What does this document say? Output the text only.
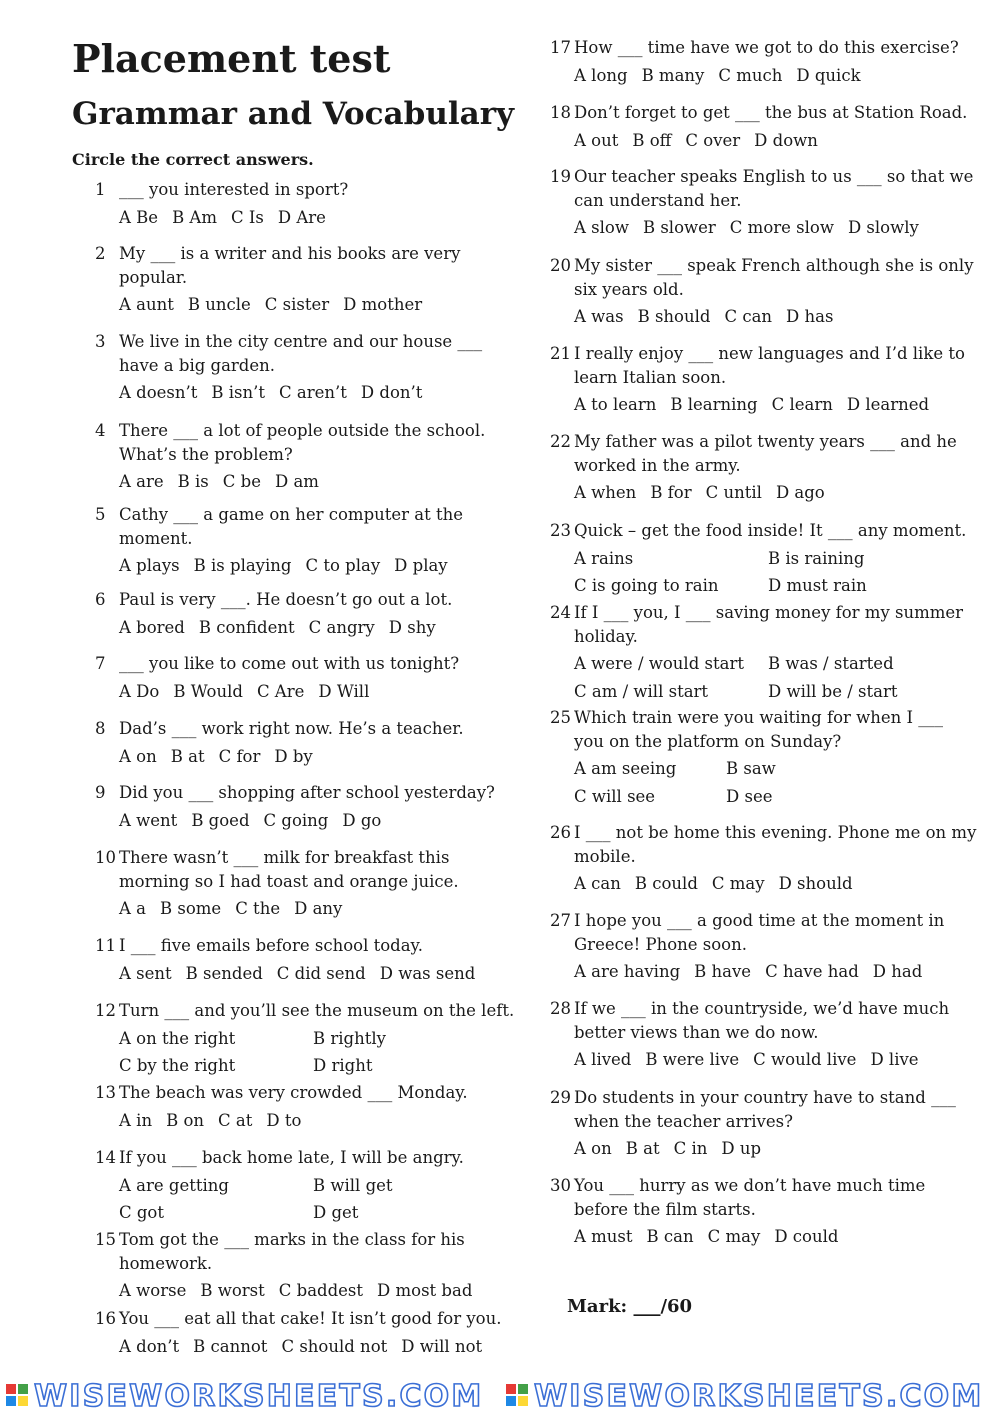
Placement test
Grammar and Vocabulary

Circle the correct answers.

1 ___ you interested in sport?
A Be B Am C Is D Are
2 My ___ is a writer and his books are very
popular.
A aunt B uncle C sister D mother
3 We live in the city centre and our house ___
have a big garden.
A doesn’t B isn’t C aren’t D don’t
4 There ___ a lot of people outside the school.
What’s the problem?
A are B is C be D am
5 Cathy ___ a game on her computer at the
moment.
A plays B is playing C to play D play
6 Paul is very ___. He doesn’t go out a lot.
A bored B confident C angry D shy
7 ___ you like to come out with us tonight?
A Do B Would C Are D Will
8 Dad’s ___ work right now. He’s a teacher.
A on B at C for D by
9 Did you ___ shopping after school yesterday?
A went B goed C going D go
10 There wasn’t ___ milk for breakfast this
morning so I had toast and orange juice.
A a B some C the D any
11 I ___ five emails before school today.
A sent B sended C did send D was send
12 Turn ___ and you’ll see the museum on the left.
A on the right	B rightly
C by the right	D right
13 The beach was very crowded ___ Monday.
A in B on C at D to
14 If you ___ back home late, I will be angry.
A are getting	B will get
C got	D get
15 Tom got the ___ marks in the class for his
homework.
A worse B worst C baddest D most bad
16 You ___ eat all that cake! It isn’t good for you.
A don’t B cannot C should not D will not
17 How ___ time have we got to do this exercise?
A long B many C much D quick
18 Don’t forget to get ___ the bus at Station Road.
A out B off C over D down
19 Our teacher speaks English to us ___ so that we
can understand her.
A slow B slower C more slow D slowly
20 My sister ___ speak French although she is only
six years old.
A was B should C can D has
21 I really enjoy ___ new languages and I’d like to
learn Italian soon.
A to learn B learning C learn D learned
22 My father was a pilot twenty years ___ and he
worked in the army.
A when B for C until D ago
23 Quick – get the food inside! It ___ any moment.
A rains	B is raining
C is going to rain	D must rain
24 If I ___ you, I ___ saving money for my summer
holiday.
A were / would start	B was / started
C am / will start	D will be / start
25 Which train were you waiting for when I ___
you on the platform on Sunday?
A am seeing	B saw
C will see	D see
26 I ___ not be home this evening. Phone me on my
mobile.
A can B could C may D should
27 I hope you ___ a good time at the moment in
Greece! Phone soon.
A are having B have C have had D had
28 If we ___ in the countryside, we’d have much
better views than we do now.
A lived B were live C would live D live
29 Do students in your country have to stand ___
when the teacher arrives?
A on B at C in D up
30 You ___ hurry as we don’t have much time
before the film starts.
A must B can C may D could
Mark: ___/60
WISEWORKSHEETS.COM WISEWORKSHEETS.COM
